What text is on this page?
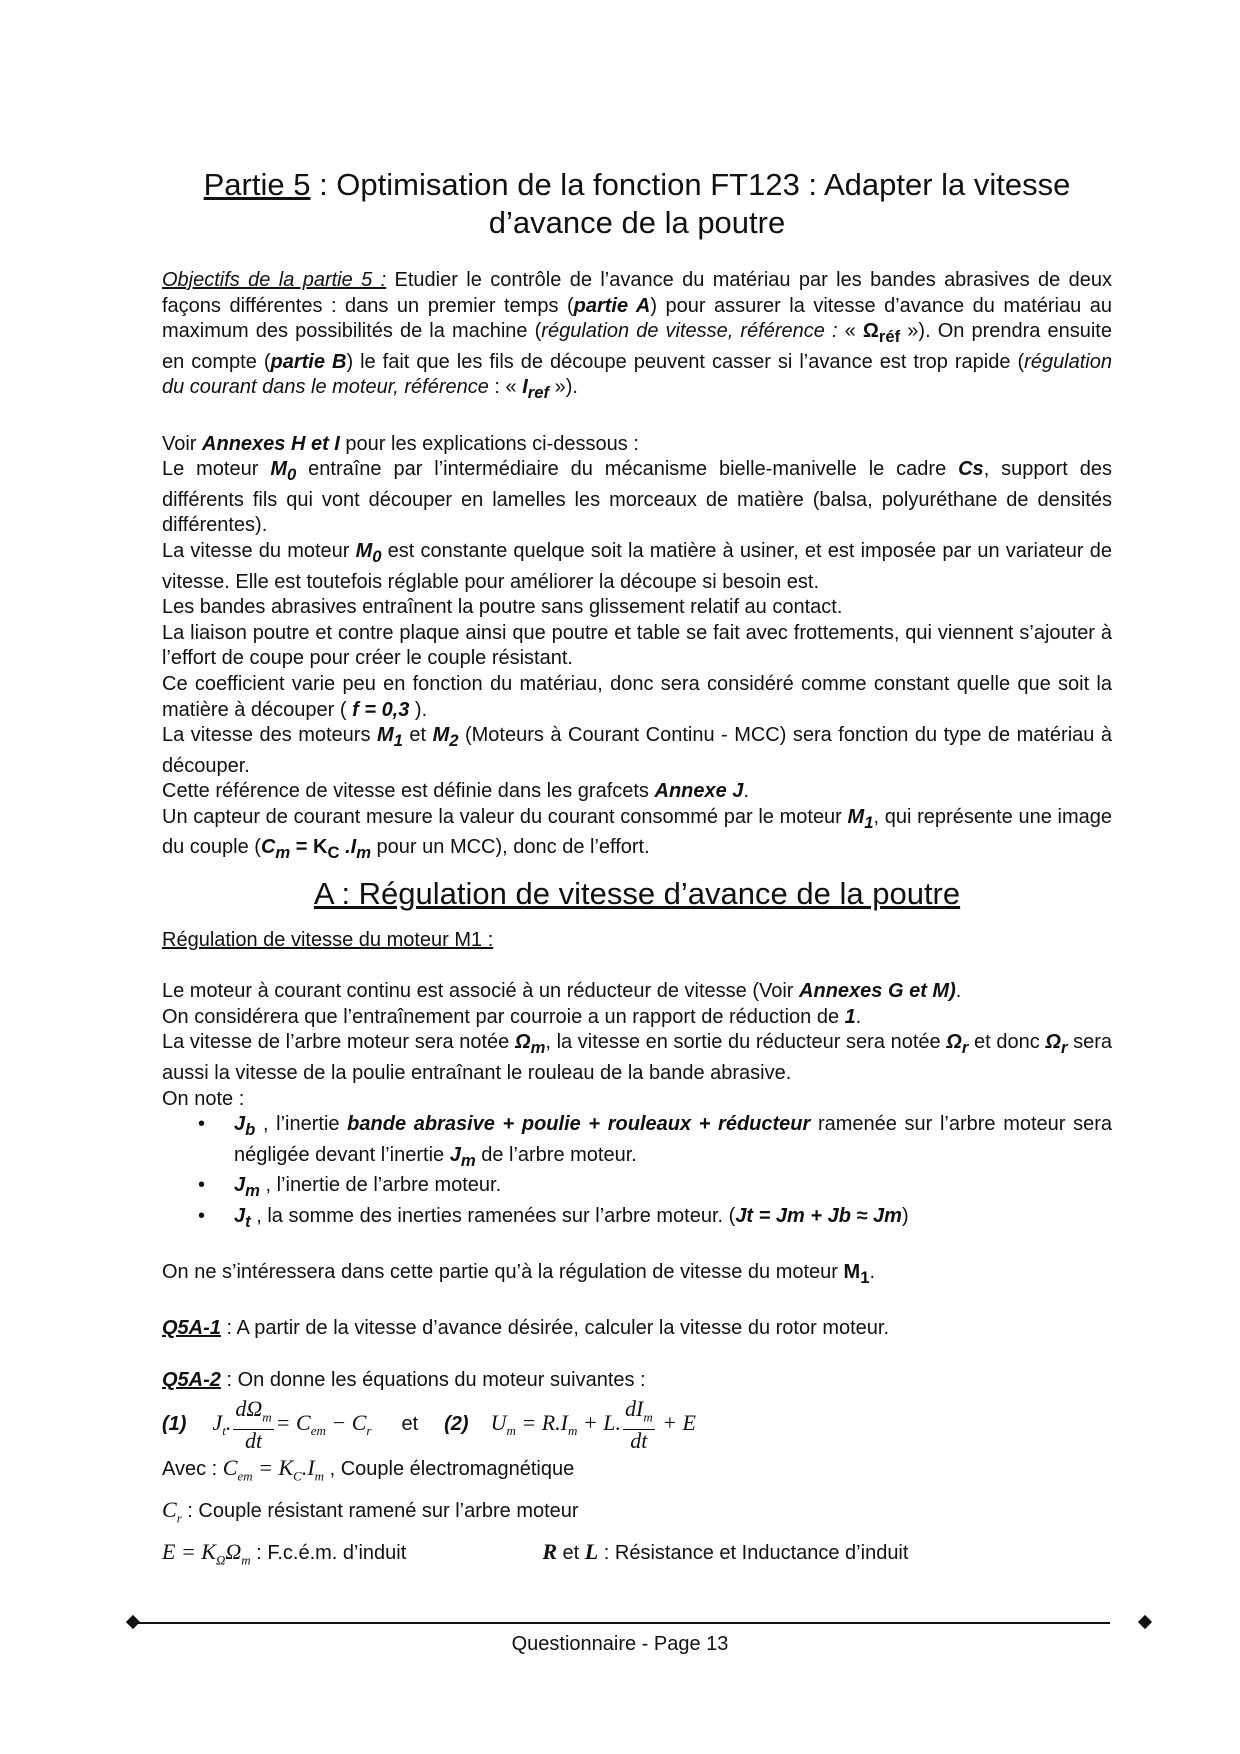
Partie 5 : Optimisation de la fonction FT123 : Adapter la vitesse
d’avance de la poutre

Objectifs de la partie 5 : Etudier le contrôle de l’avance du matériau par les bandes abrasives de deux façons différentes : dans un premier temps (partie A) pour assurer la vitesse d’avance du matériau au maximum des possibilités de la machine (régulation de vitesse, référence : « $\Omega_{réf}$ »). On prendra ensuite en compte (partie B) le fait que les fils de découpe peuvent casser si l’avance est trop rapide (régulation du courant dans le moteur, référence : « $I_{ref}$ »).

Voir Annexes H et I pour les explications ci-dessous :

Le moteur $M_0$ entraîne par l’intermédiaire du mécanisme bielle-manivelle le cadre Cs, support des différents fils qui vont découper en lamelles les morceaux de matière (balsa, polyuréthane de densités différentes).

La vitesse du moteur $M_0$ est constante quelque soit la matière à usiner, et est imposée par un variateur de vitesse. Elle est toutefois réglable pour améliorer la découpe si besoin est.

Les bandes abrasives entraînent la poutre sans glissement relatif au contact.

La liaison poutre et contre plaque ainsi que poutre et table se fait avec frottements, qui viennent s’ajouter à l’effort de coupe pour créer le couple résistant.

Ce coefficient varie peu en fonction du matériau, donc sera considéré comme constant quelle que soit la matière à découper ( f = 0,3 ).

La vitesse des moteurs $M_1$ et $M_2$ (Moteurs à Courant Continu - MCC) sera fonction du type de matériau à découper.

Cette référence de vitesse est définie dans les grafcets Annexe J.

Un capteur de courant mesure la valeur du courant consommé par le moteur $M_1$, qui représente une image du couple ($C_m = K_C$ $.I_m$ pour un MCC), donc de l’effort.

A : Régulation de vitesse d’avance de la poutre

Régulation de vitesse du moteur M1 :

Le moteur à courant continu est associé à un réducteur de vitesse (Voir Annexes G et M).

On considérera que l’entraînement par courroie a un rapport de réduction de 1.

La vitesse de l’arbre moteur sera notée $\Omega_m$, la vitesse en sortie du réducteur sera notée $\Omega_r$ et donc $\Omega_r$ sera aussi la vitesse de la poulie entraînant le rouleau de la bande abrasive.

On note :

• $J_b$ , l’inertie bande abrasive + poulie + rouleaux + réducteur ramenée sur l’arbre moteur sera négligée devant l’inertie $J_m$ de l’arbre moteur.
• $J_m$ , l’inertie de l’arbre moteur.
• $J_t$ , la somme des inerties ramenées sur l’arbre moteur. (Jt = Jm + Jb ≈ Jm)

On ne s’intéressera dans cette partie qu’à la régulation de vitesse du moteur $M_1$.

Q5A-1 : A partir de la vitesse d’avance désirée, calculer la vitesse du rotor moteur.

Q5A-2 : On donne les équations du moteur suivantes :

(1)	$J_t$. $\frac{d\Omega_m}{dt} = C_{em} - C_r$ et (2)	$U_m = R.I_m + L$. $\frac{dI_m}{dt} + E$

Avec : $C_{em} = K_C.I_m$ , Couple électromagnétique

$C_r$ : Couple résistant ramené sur l’arbre moteur

$E = K_\Omega\Omega_m$ : F.c.é.m. d’induit	R et L : Résistance et Inductance d’induit

Questionnaire - Page 13
